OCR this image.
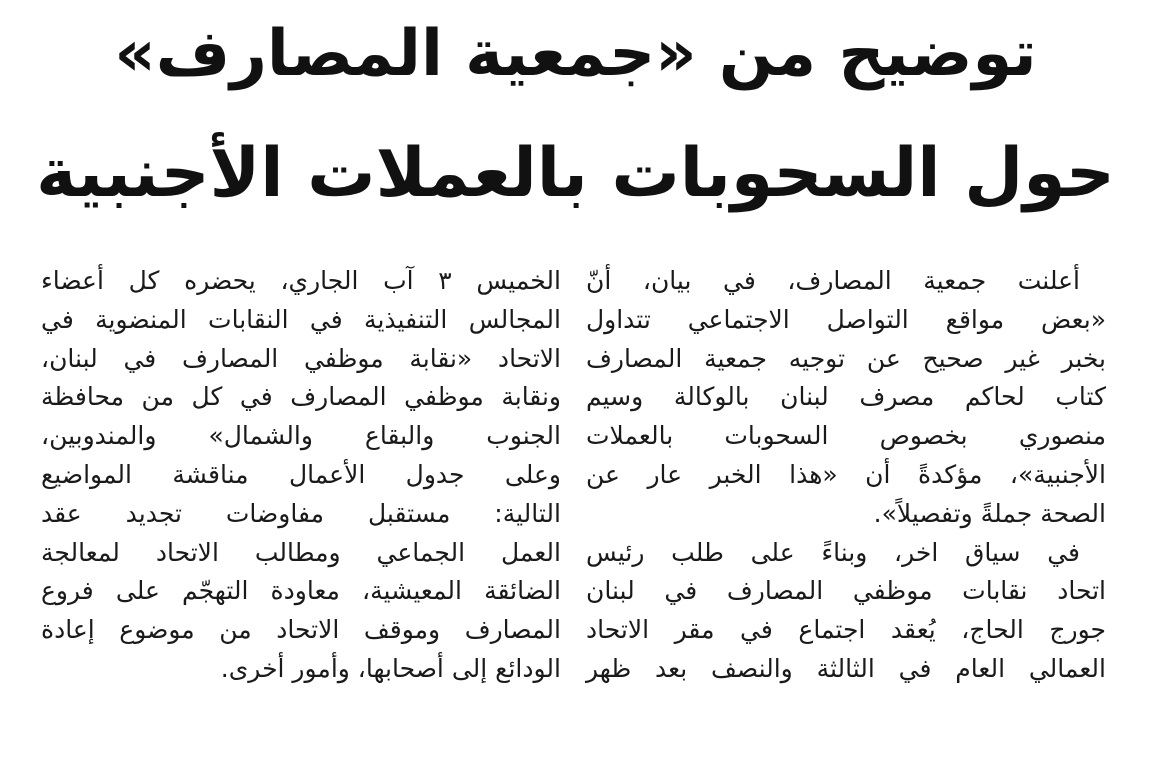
توضيح من «جمعية المصارف»
حول السحوبات بالعملات الأجنبية
أعلنت جمعية المصارف، في بيان، أنّ
«بعض مواقع التواصل الاجتماعي تتداول
بخبر غير صحيح عن توجيه جمعية المصارف
كتاب لحاكم مصرف لبنان بالوكالة وسيم
منصوري بخصوص السحوبات بالعملات
الأجنبية»، مؤكدةً أن «هذا الخبر عار عن
الصحة جملةً وتفصيلاً».
في سياق اخر، وبناءً على طلب رئيس
اتحاد نقابات موظفي المصارف في لبنان
جورج الحاج، يُعقد اجتماع في مقر الاتحاد
العمالي العام في الثالثة والنصف بعد ظهر
الخميس ٣ آب الجاري، يحضره كل أعضاء
المجالس التنفيذية في النقابات المنضوية في
الاتحاد «نقابة موظفي المصارف في لبنان،
ونقابة موظفي المصارف في كل من محافظة
الجنوب والبقاع والشمال» والمندوبين،
وعلى جدول الأعمال مناقشة المواضيع
التالية: مستقبل مفاوضات تجديد عقد
العمل الجماعي ومطالب الاتحاد لمعالجة
الضائقة المعيشية، معاودة التهجّم على فروع
المصارف وموقف الاتحاد من موضوع إعادة
الودائع إلى أصحابها، وأمور أخرى.
